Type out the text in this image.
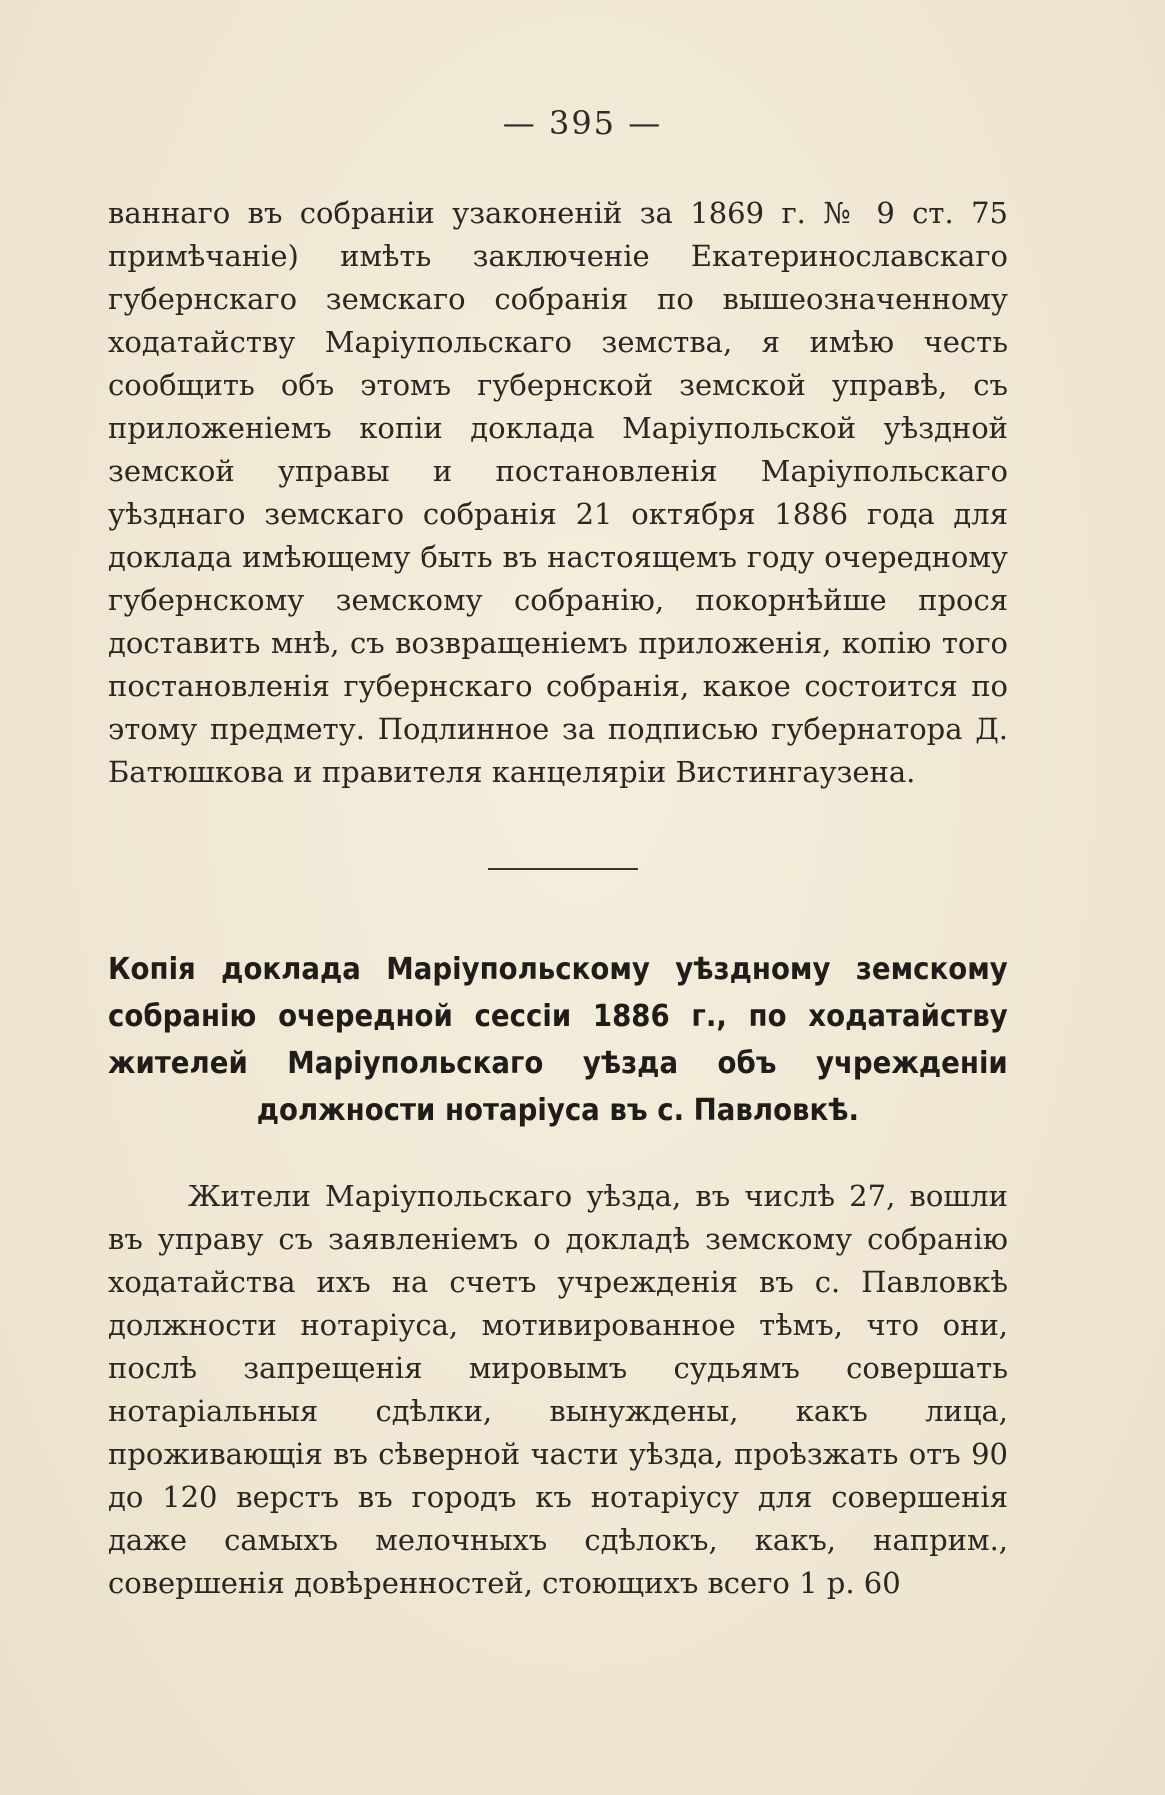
— 395 —

ваннаго въ собраніи узаконеній за 1869 г. № 9 ст. 75 примѣчаніе) имѣть заключеніе Екатеринославскаго губернскаго земскаго собранія по вышеозначенному ходатайству Маріупольскаго земства, я имѣю честь сообщить объ этомъ губернской земской управѣ, съ приложеніемъ копіи доклада Маріупольской уѣздной земской управы и постановленія Маріупольскаго уѣзднаго земскаго собранія 21 октября 1886 года для доклада имѣющему быть въ настоящемъ году очередному губернскому земскому собранію, покорнѣйше прося доставить мнѣ, съ возвращеніемъ приложенія, копію того постановленія губернскаго собранія, какое состоится по этому предмету. Подлинное за подписью губернатора Д. Батюшкова и правителя канцеляріи Вистингаузена.

Копія доклада Маріупольскому уѣздному земскому собранію очередной сессіи 1886 г., по ходатайству жителей Маріупольскаго уѣзда объ учрежденіи должности нотаріуса въ с. Павловкѣ.

Жители Маріупольскаго уѣзда, въ числѣ 27, вошли въ управу съ заявленіемъ о докладѣ земскому собранію ходатайства ихъ на счетъ учрежденія въ с. Павловкѣ должности нотаріуса, мотивированное тѣмъ, что они, послѣ запрещенія мировымъ судьямъ совершать нотаріальныя сдѣлки, вынуждены, какъ лица, проживающія въ сѣверной части уѣзда, проѣзжать отъ 90 до 120 верстъ въ городъ къ нотаріусу для совершенія даже самыхъ мелочныхъ сдѣлокъ, какъ, наприм., совершенія довѣренностей, стоющихъ всего 1 р. 60
